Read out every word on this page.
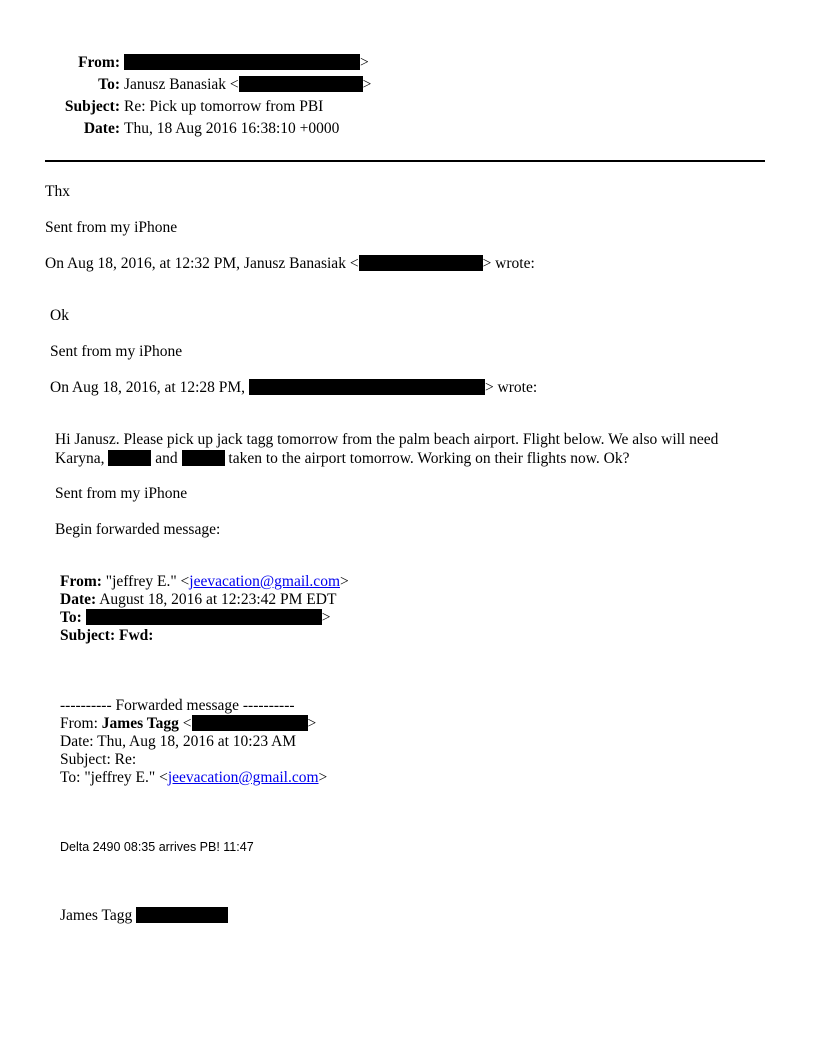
From:	>
To: Janusz Banasiak <	>
Subject: Re: Pick up tomorrow from PBI
Date: Thu, 18 Aug 2016 16:38:10 +0000
Thx
Sent from my iPhone
On Aug 18, 2016, at 12:32 PM, Janusz Banasiak <	> wrote:
Ok
Sent from my iPhone
On Aug 18, 2016, at 12:28 PM,	> wrote:
Hi Janusz. Please pick up jack tagg tomorrow from the palm beach airport. Flight below. We also will need
Karyna,	and	taken to the airport tomorrow. Working on their flights now. Ok?
Sent from my iPhone
Begin forwarded message:
From: "jeffrey E." <jeevacation@gmail.com>
Date: August 18, 2016 at 12:23:42 PM EDT
To:	>
Subject: Fwd:
---------- Forwarded message ----------
From: James Tagg <	>
Date: Thu, Aug 18, 2016 at 10:23 AM
Subject: Re:
To: "jeffrey E." <jeevacation@gmail.com>
Delta 2490 08:35 arrives PB! 11:47
James Tagg
